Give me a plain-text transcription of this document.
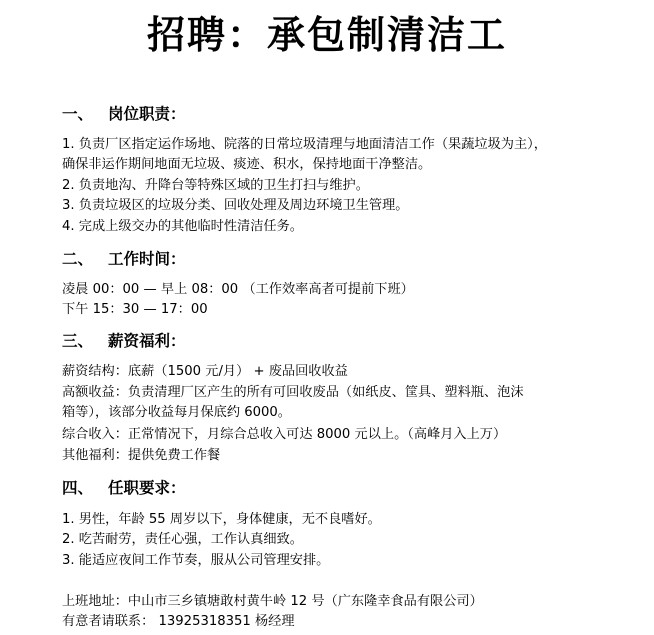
招聘：承包制清洁工
一、 岗位职责：
1. 负责厂区指定运作场地、院落的日常垃圾清理与地面清洁工作（果蔬垃圾为主），
确保非运作期间地面无垃圾、痰迹、积水，保持地面干净整洁。
2. 负责地沟、升降台等特殊区域的卫生打扫与维护。
3. 负责垃圾区的垃圾分类、回收处理及周边环境卫生管理。
4. 完成上级交办的其他临时性清洁任务。
二、 工作时间：
凌晨 00：00 — 早上 08：00 （工作效率高者可提前下班）
下午 15：30 — 17：00
三、 薪资福利：
薪资结构：底薪（1500 元/月） + 废品回收收益
高额收益：负责清理厂区产生的所有可回收废品（如纸皮、筐具、塑料瓶、泡沫
箱等），该部分收益每月保底约 6000。
综合收入：正常情况下，月综合总收入可达 8000 元以上。（高峰月入上万）
其他福利：提供免费工作餐
四、 任职要求：
1. 男性，年龄 55 周岁以下，身体健康，无不良嗜好。
2. 吃苦耐劳，责任心强，工作认真细致。
3. 能适应夜间工作节奏，服从公司管理安排。
上班地址：中山市三乡镇塘敢村黄牛岭 12 号（广东隆幸食品有限公司）
有意者请联系： 13925318351 杨经理
